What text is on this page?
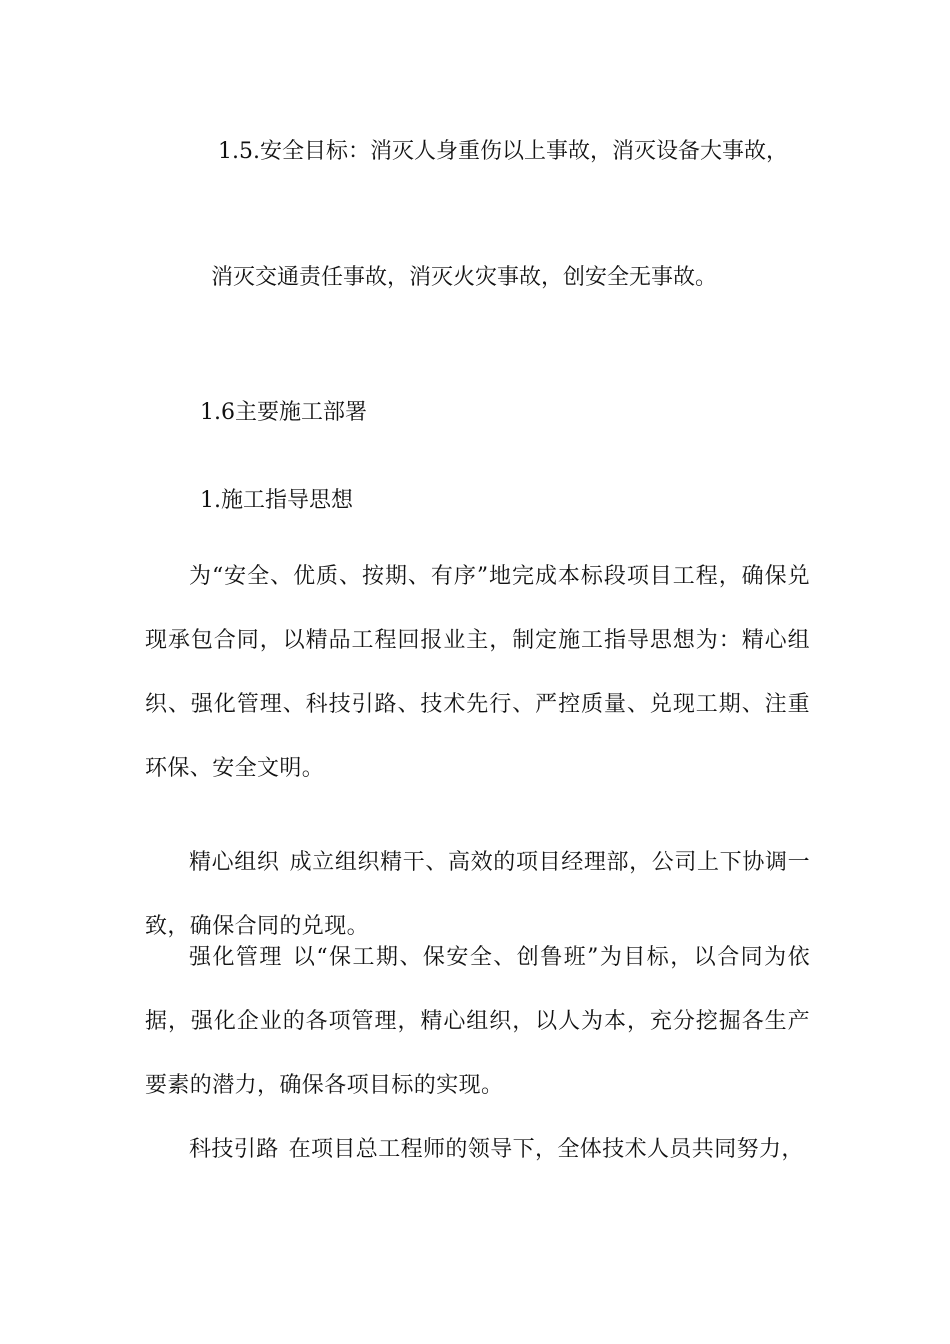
1.5.安全目标：消灭人身重伤以上事故，消灭设备大事故，

消灭交通责任事故，消灭火灾事故，创安全无事故。

1.6主要施工部署

1.施工指导思想

为“安全、优质、按期、有序”地完成本标段项目工程，确保兑现承包合同，以精品工程回报业主，制定施工指导思想为：精心组织、强化管理、科技引路、技术先行、严控质量、兑现工期、注重环保、安全文明。

精心组织 成立组织精干、高效的项目经理部，公司上下协调一致，确保合同的兑现。

强化管理 以“保工期、保安全、创鲁班”为目标，以合同为依据，强化企业的各项管理，精心组织，以人为本，充分挖掘各生产要素的潜力，确保各项目标的实现。

科技引路 在项目总工程师的领导下，全体技术人员共同努力，
